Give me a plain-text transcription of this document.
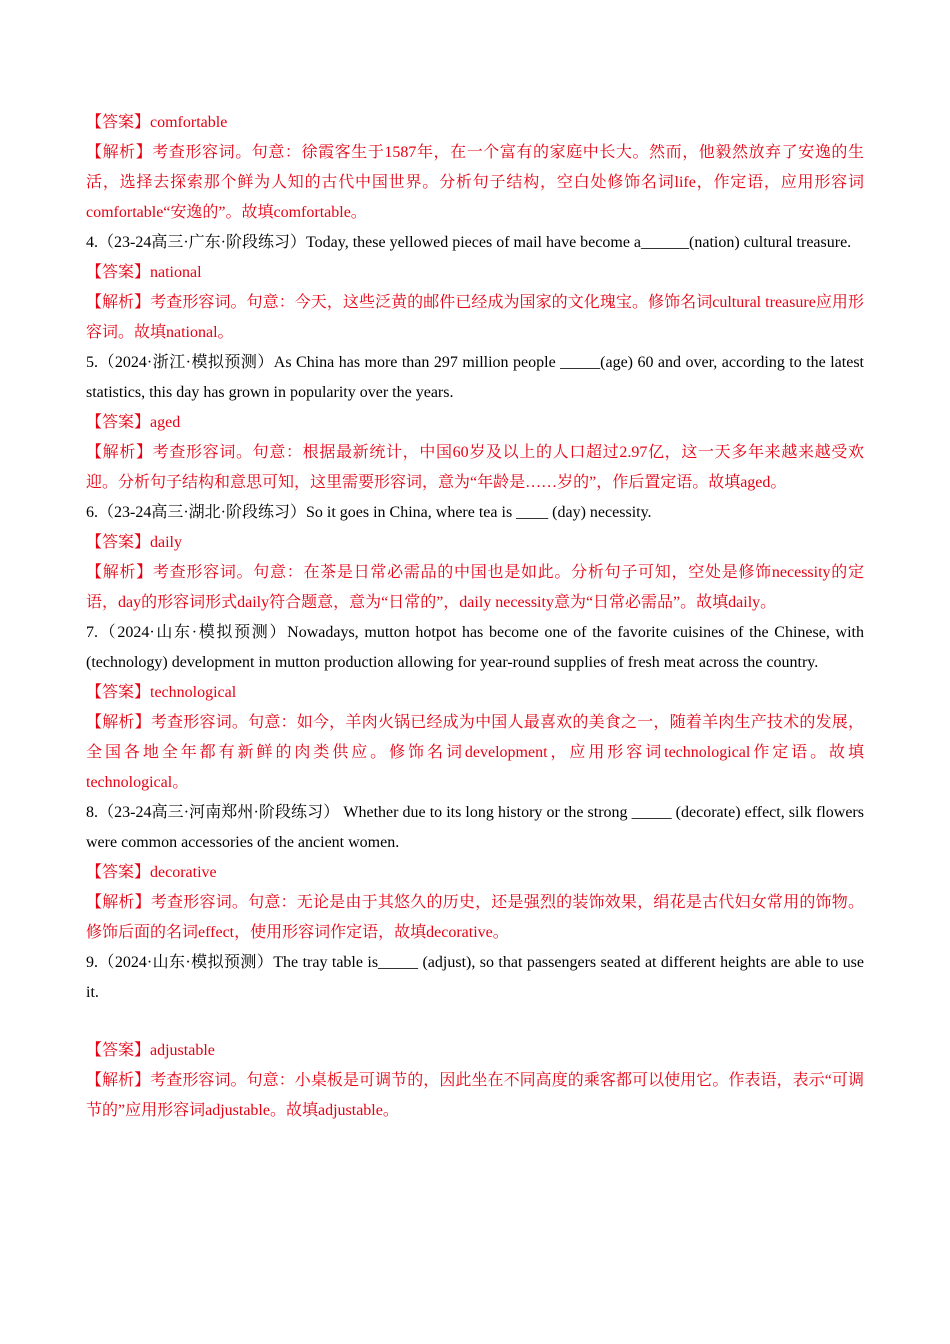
【答案】comfortable

【解析】考查形容词。句意：徐霞客生于1587年，在一个富有的家庭中长大。然而，他毅然放弃了安逸的生活，选择去探索那个鲜为人知的古代中国世界。分析句子结构，空白处修饰名词life，作定语，应用形容词comfortable“安逸的”。故填comfortable。

4.（23-24高三·广东·阶段练习）Today, these yellowed pieces of mail have become a______(nation) cultural treasure.

【答案】national

【解析】考查形容词。句意：今天，这些泛黄的邮件已经成为国家的文化瑰宝。修饰名词cultural treasure应用形容词。故填national。

5.（2024·浙江·模拟预测）As China has more than 297 million people _____(age) 60 and over, according to the latest statistics, this day has grown in popularity over the years.

【答案】aged

【解析】考查形容词。句意：根据最新统计，中国60岁及以上的人口超过2.97亿，这一天多年来越来越受欢迎。分析句子结构和意思可知，这里需要形容词，意为“年龄是……岁的”，作后置定语。故填aged。

6.（23-24高三·湖北·阶段练习）So it goes in China, where tea is ____ (day) necessity.

【答案】daily

【解析】考查形容词。句意：在茶是日常必需品的中国也是如此。分析句子可知，空处是修饰necessity的定语，day的形容词形式daily符合题意，意为“日常的”，daily necessity意为“日常必需品”。故填daily。

7.（2024·山东·模拟预测）Nowadays, mutton hotpot has become one of the favorite cuisines of the Chinese, with (technology) development in mutton production allowing for year-round supplies of fresh meat across the country.

【答案】technological

【解析】考查形容词。句意：如今，羊肉火锅已经成为中国人最喜欢的美食之一，随着羊肉生产技术的发展，全国各地全年都有新鲜的肉类供应。修饰名词development，应用形容词technological作定语。故填technological。

8.（23-24高三·河南郑州·阶段练习） Whether due to its long history or the strong _____ (decorate) effect, silk flowers were common accessories of the ancient women.

【答案】decorative

【解析】考查形容词。句意：无论是由于其悠久的历史，还是强烈的装饰效果，绢花是古代妇女常用的饰物。修饰后面的名词effect，使用形容词作定语，故填decorative。

9.（2024·山东·模拟预测）The tray table is_____ (adjust), so that passengers seated at different heights are able to use it.

【答案】adjustable

【解析】考查形容词。句意：小桌板是可调节的，因此坐在不同高度的乘客都可以使用它。作表语，表示“可调节的”应用形容词adjustable。故填adjustable。
